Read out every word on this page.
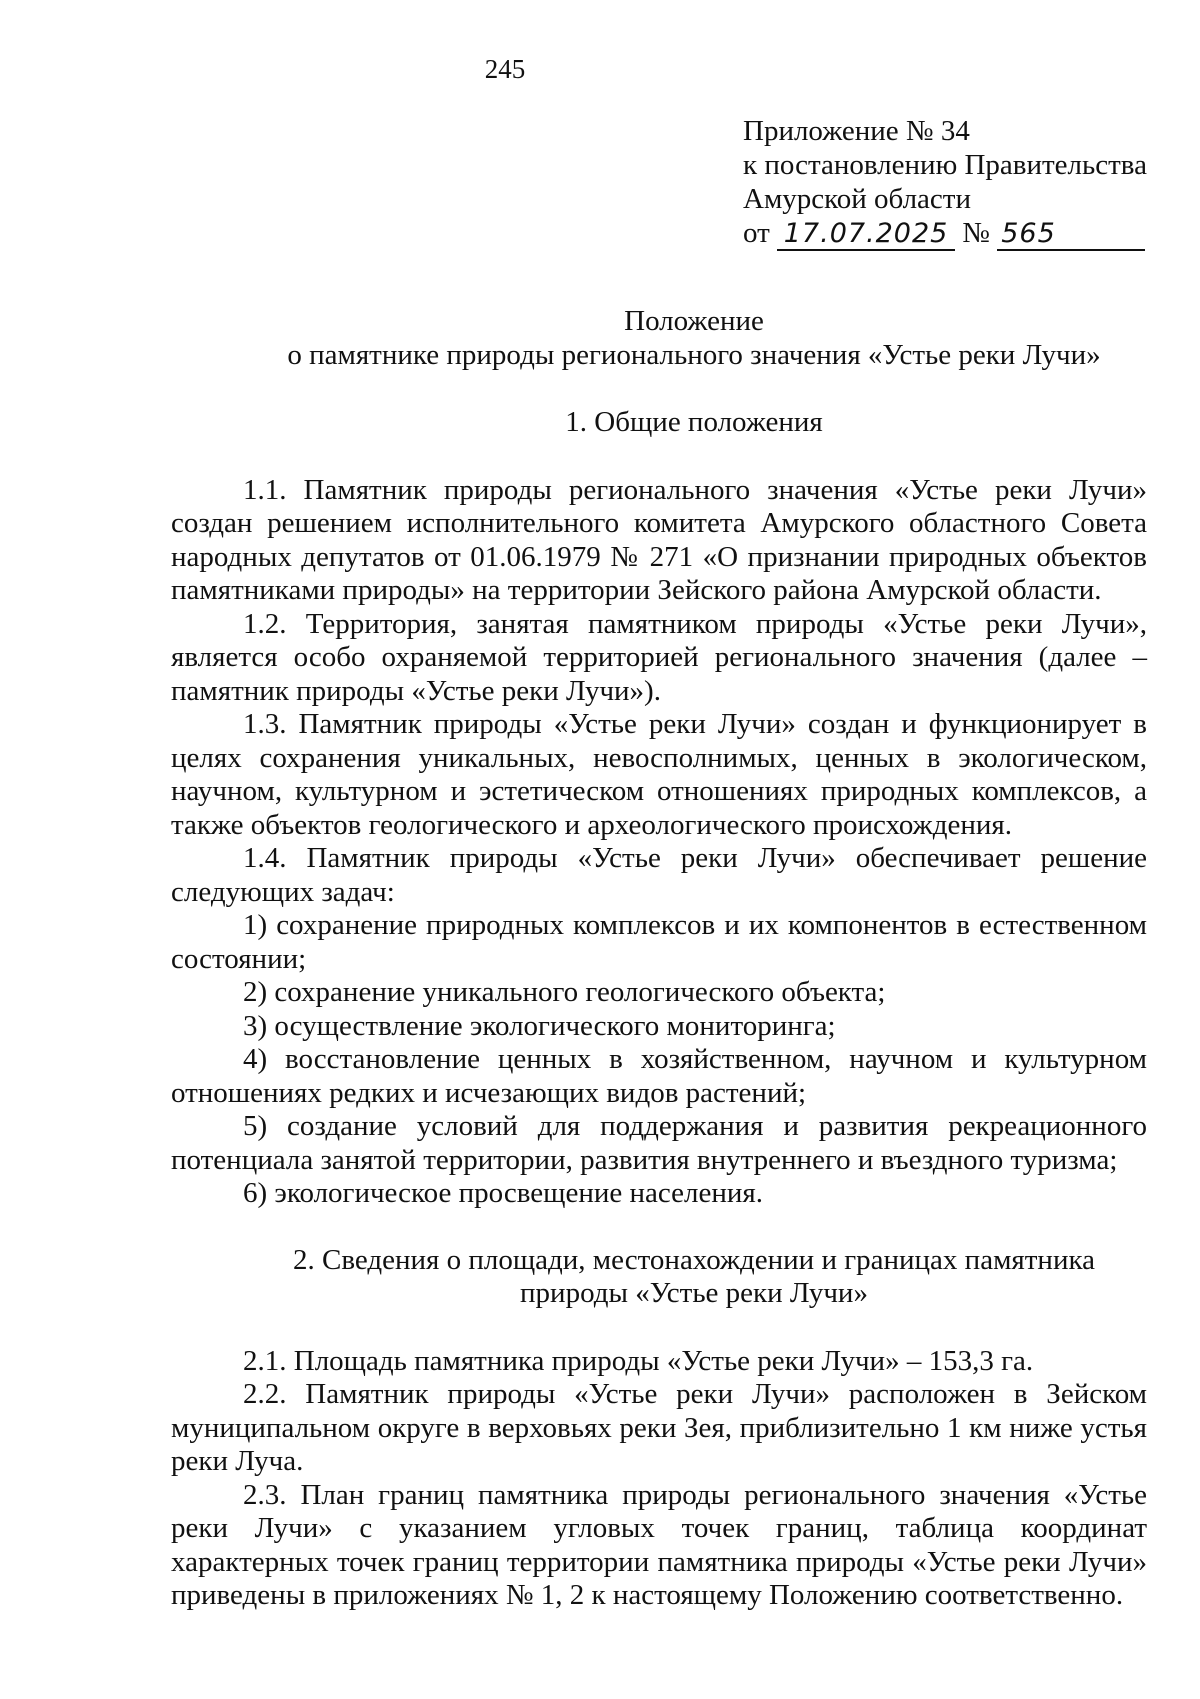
245
Приложение № 34
к постановлению Правительства
Амурской области
от 17.07.2025 № 565
Положение
о памятнике природы регионального значения «Устье реки Лучи»
1. Общие положения

1.1. Памятник природы регионального значения «Устье реки Лучи» создан решением исполнительного комитета Амурского областного Совета народных депутатов от 01.06.1979 № 271 «О признании природных объектов памятниками природы» на территории Зейского района Амурской области.

1.2. Территория, занятая памятником природы «Устье реки Лучи», является особо охраняемой территорией регионального значения (далее – памятник природы «Устье реки Лучи»).

1.3. Памятник природы «Устье реки Лучи» создан и функционирует в целях сохранения уникальных, невосполнимых, ценных в экологическом, научном, культурном и эстетическом отношениях природных комплексов, а также объектов геологического и археологического происхождения.

1.4. Памятник природы «Устье реки Лучи» обеспечивает решение следующих задач:

1) сохранение природных комплексов и их компонентов в естественном состоянии;

2) сохранение уникального геологического объекта;

3) осуществление экологического мониторинга;

4) восстановление ценных в хозяйственном, научном и культурном отношениях редких и исчезающих видов растений;

5) создание условий для поддержания и развития рекреационного потенциала занятой территории, развития внутреннего и въездного туризма;

6) экологическое просвещение населения.

2. Сведения о площади, местонахождении и границах памятника
природы «Устье реки Лучи»

2.1. Площадь памятника природы «Устье реки Лучи» – 153,3 га.

2.2. Памятник природы «Устье реки Лучи» расположен в Зейском муниципальном округе в верховьях реки Зея, приблизительно 1 км ниже устья реки Луча.

2.3. План границ памятника природы регионального значения «Устье реки Лучи» с указанием угловых точек границ, таблица координат характерных точек границ территории памятника природы «Устье реки Лучи» приведены в приложениях № 1, 2 к настоящему Положению соответственно.
